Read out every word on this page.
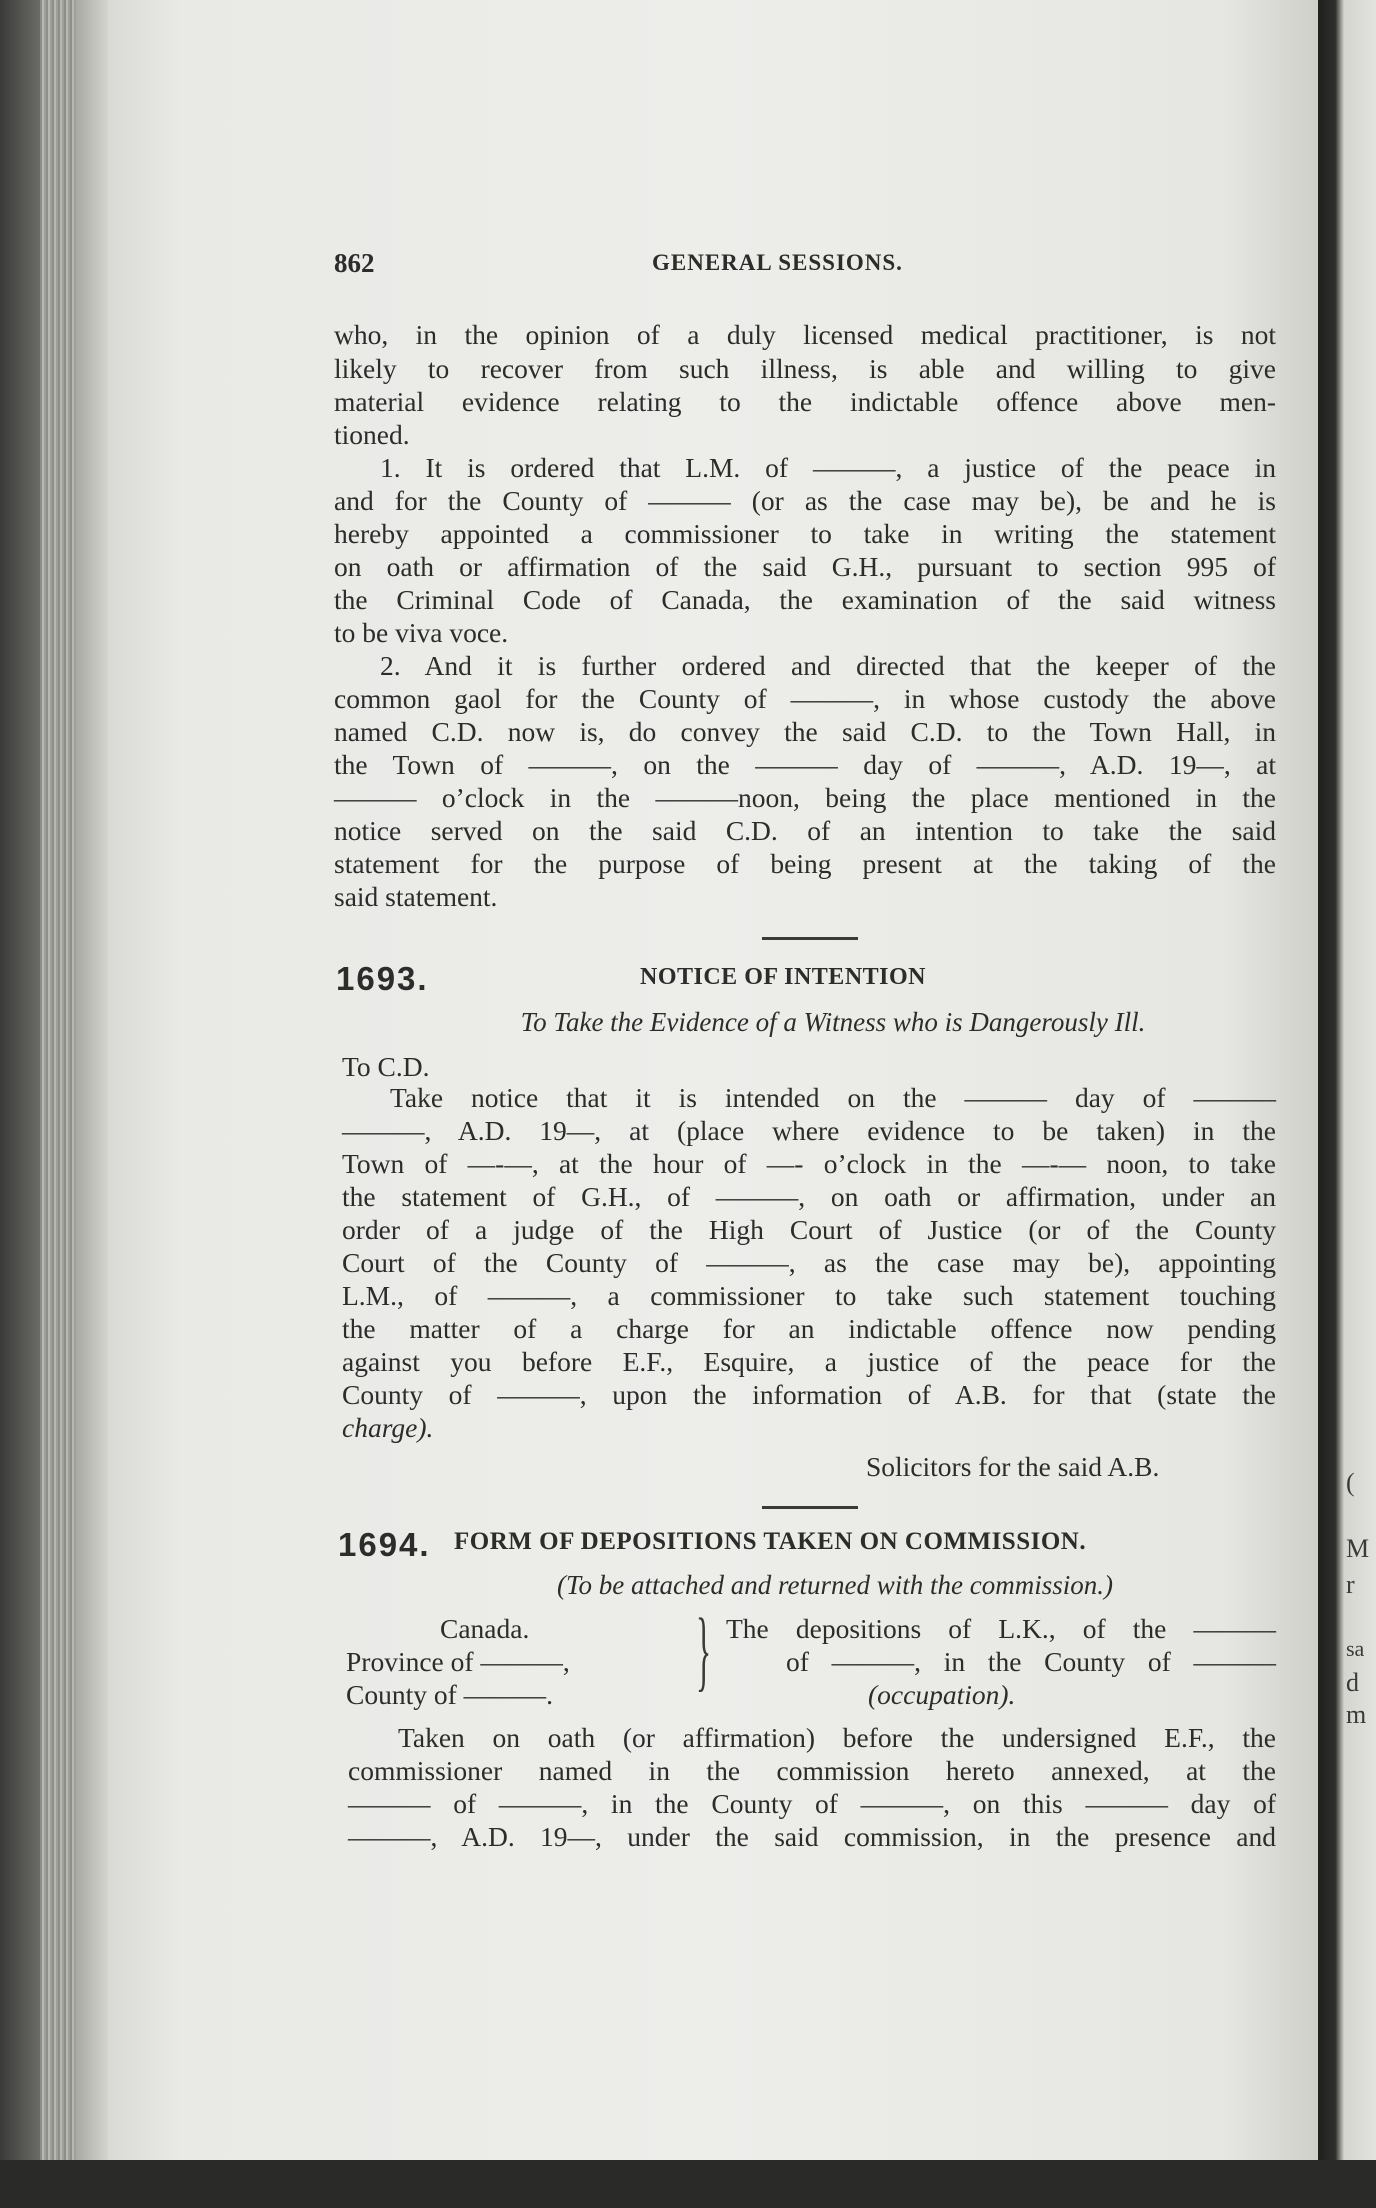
(
M
r
sa
d
m
862	GENERAL SESSIONS.
who, in the opinion of a duly licensed medical practitioner, is not
likely to recover from such illness, is able and willing to give
material evidence relating to the indictable offence above men-
tioned.
1. It is ordered that L.M. of ———, a justice of the peace in
and for the County of ——— (or as the case may be), be and he is
hereby appointed a commissioner to take in writing the statement
on oath or affirmation of the said G.H., pursuant to section 995 of
the Criminal Code of Canada, the examination of the said witness
to be viva voce.
2. And it is further ordered and directed that the keeper of the
common gaol for the County of ———, in whose custody the above
named C.D. now is, do convey the said C.D. to the Town Hall, in
the Town of ———, on the ——— day of ———, A.D. 19—, at
——— o’clock in the ———noon, being the place mentioned in the
notice served on the said C.D. of an intention to take the said
statement for the purpose of being present at the taking of the
said statement.
1693.	NOTICE OF INTENTION
To Take the Evidence of a Witness who is Dangerously Ill.
To C.D.
Take notice that it is intended on the ——— day of ———
———, A.D. 19—, at (place where evidence to be taken) in the
Town of —-—, at the hour of —- o’clock in the —-— noon, to take
the statement of G.H., of ———, on oath or affirmation, under an
order of a judge of the High Court of Justice (or of the County
Court of the County of ———, as the case may be), appointing
L.M., of ———, a commissioner to take such statement touching
the matter of a charge for an indictable offence now pending
against you before E.F., Esquire, a justice of the peace for the
County of ———, upon the information of A.B. for that (state the
charge).
Solicitors for the said A.B.
1694. FORM OF DEPOSITIONS TAKEN ON COMMISSION.
(To be attached and returned with the commission.)
Canada.
Province of ———,
County of ———.	} The depositions of L.K., of the ———
of ———, in the County of ———
(occupation).
Taken on oath (or affirmation) before the undersigned E.F., the
commissioner named in the commission hereto annexed, at the
——— of ———, in the County of ———, on this ——— day of
———, A.D. 19—, under the said commission, in the presence and
